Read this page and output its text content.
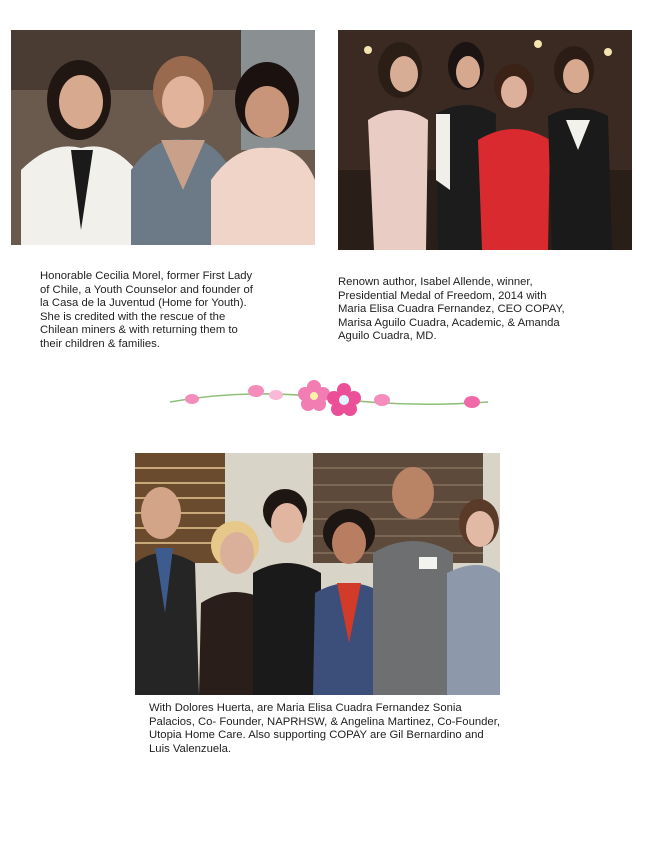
Honorable Cecilia Morel, former First Lady
of Chile, a Youth Counselor and founder of
la Casa de la Juventud (Home for Youth).
She is credited with the rescue of the
Chilean miners & with returning them to
their children & families.

Renown author, Isabel Allende, winner,
Presidential Medal of Freedom, 2014 with
Maria Elisa Cuadra Fernandez, CEO COPAY,
Marisa Aguilo Cuadra, Academic, & Amanda
Aguilo Cuadra, MD.

With Dolores Huerta, are Maria Elisa Cuadra Fernandez Sonia
Palacios, Co- Founder, NAPRHSW, & Angelina Martinez, Co-Founder,
Utopia Home Care. Also supporting COPAY are Gil Bernardino and
Luis Valenzuela.
